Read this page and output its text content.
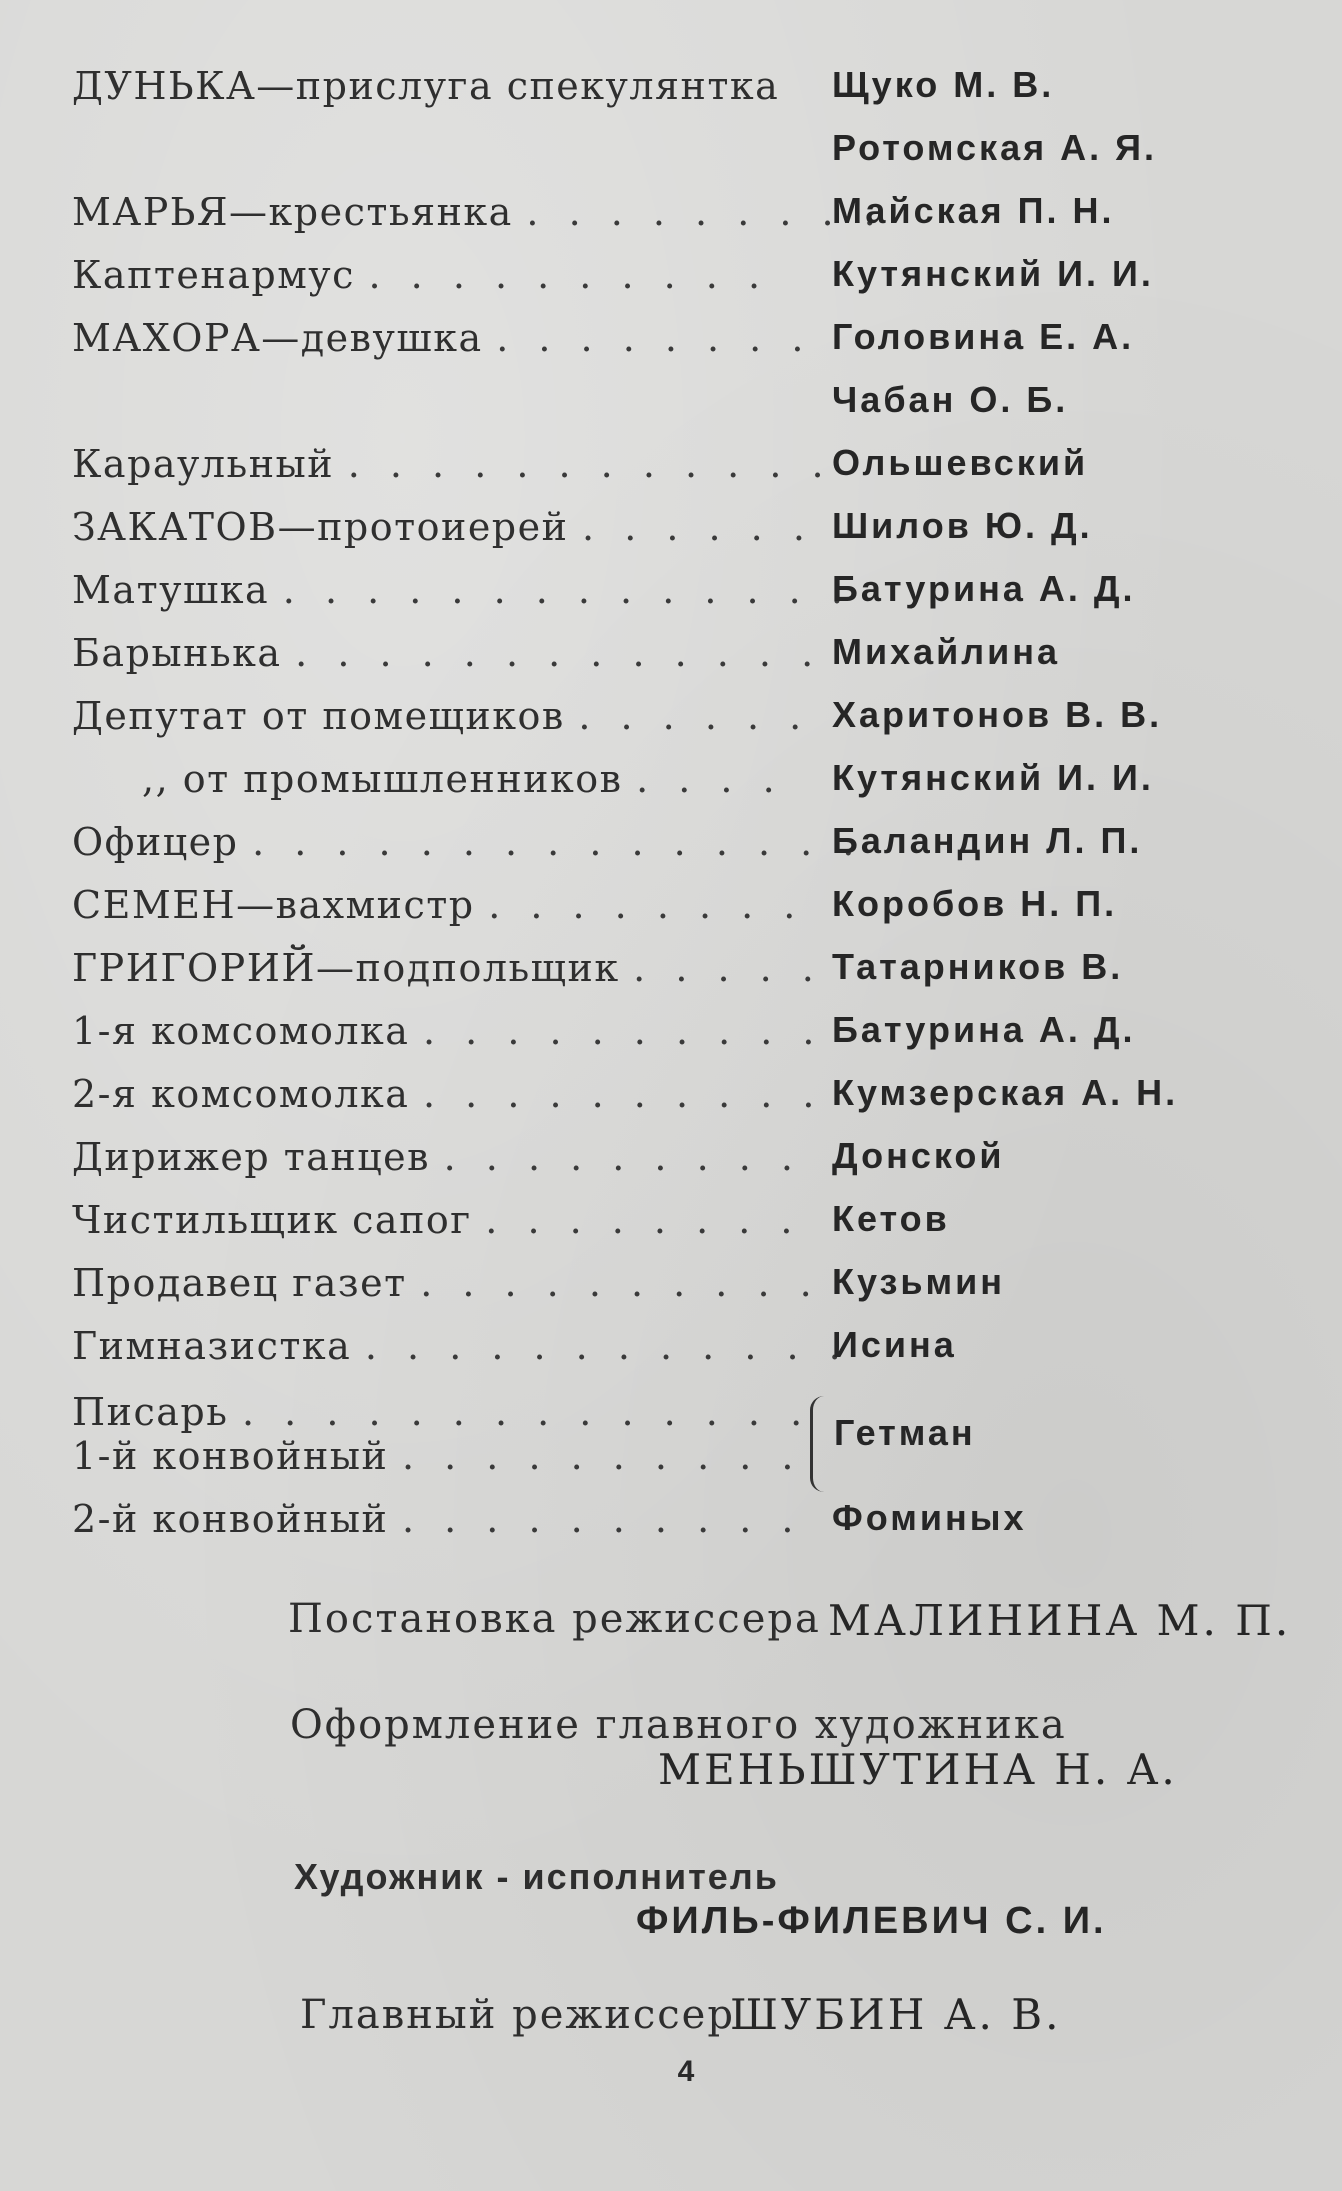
ДУНЬКА—прислуга спекулянтка Щуко М. В.
Ротомская А. Я.
МАРЬЯ—крестьянка . . . . . . . . .
Майская П. Н.
Каптенармус . . . . . . . . . . Кутянский И. И.
МАХОРА—девушка . . . . . . . . Головина Е. А.
Чабан О. Б.
Караульный . . . . . . . . . . . . Ольшевский
ЗАКАТОВ—протоиерей . . . . . . Шилов Ю. Д.
Матушка . . . . . . . . . . . . . .
Батурина А. Д.
Барынька . . . . . . . . . . . . . Михайлина
Депутат от помещиков . . . . . . Харитонов В. В.
,, от промышленников . . . . Кутянский И. И.
Офицер . . . . . . . . . . . . . . .
Баландин Л. П.
СЕМЕН—вахмистр . . . . . . . . Коробов Н. П.
ГРИГОРИЙ—подпольщик . . . . . Татарников В.
1-я комсомолка . . . . . . . . . . Батурина А. Д.
2-я комсомолка . . . . . . . . . . Кумзерская А. Н.
Дирижер танцев . . . . . . . . . Донской
Чистильщик сапог . . . . . . . . Кетов
Продавец газет . . . . . . . . . . Кузьмин
Гимназистка . . . . . . . . . . . .
Исина
Писарь . . . . . . . . . . . . . .
1-й конвойный . . . . . . . . . .
Гетман
2-й конвойный . . . . . . . . . . Фоминых
Постановка режиссера МАЛИНИНА М. П.
Оформление главного художника
МЕНЬШУТИНА Н. А.
Художник - исполнитель
ФИЛЬ-ФИЛЕВИЧ С. И.
Главный режиссер
ШУБИН А. В.
4
